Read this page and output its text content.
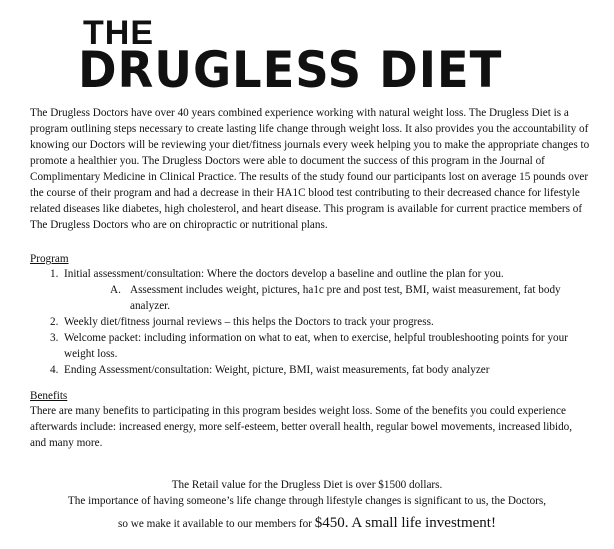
THE
DRUGLESS DIET
The Drugless Doctors have over 40 years combined experience working with natural weight loss. The Drugless Diet is a program outlining steps necessary to create lasting life change through weight loss. It also provides you the accountability of knowing our Doctors will be reviewing your diet/fitness journals every week helping you to make the appropriate changes to promote a healthier you. The Drugless Doctors were able to document the success of this program in the Journal of Complimentary Medicine in Clinical Practice. The results of the study found our participants lost on average 15 pounds over the course of their program and had a decrease in their HA1C blood test contributing to their decreased chance for lifestyle related diseases like diabetes, high cholesterol, and heart disease. This program is available for current practice members of The Drugless Doctors who are on chiropractic or nutritional plans.
Program
1. Initial assessment/consultation: Where the doctors develop a baseline and outline the plan for you.
A. Assessment includes weight, pictures, ha1c pre and post test, BMI, waist measurement, fat body analyzer.
2. Weekly diet/fitness journal reviews – this helps the Doctors to track your progress.
3. Welcome packet: including information on what to eat, when to exercise, helpful troubleshooting points for your weight loss.
4. Ending Assessment/consultation: Weight, picture, BMI, waist measurements, fat body analyzer
Benefits
There are many benefits to participating in this program besides weight loss. Some of the benefits you could experience afterwards include: increased energy, more self-esteem, better overall health, regular bowel movements, increased libido, and many more.
The Retail value for the Drugless Diet is over $1500 dollars.
The importance of having someone’s life change through lifestyle changes is significant to us, the Doctors,
so we make it available to our members for $450. A small life investment!
